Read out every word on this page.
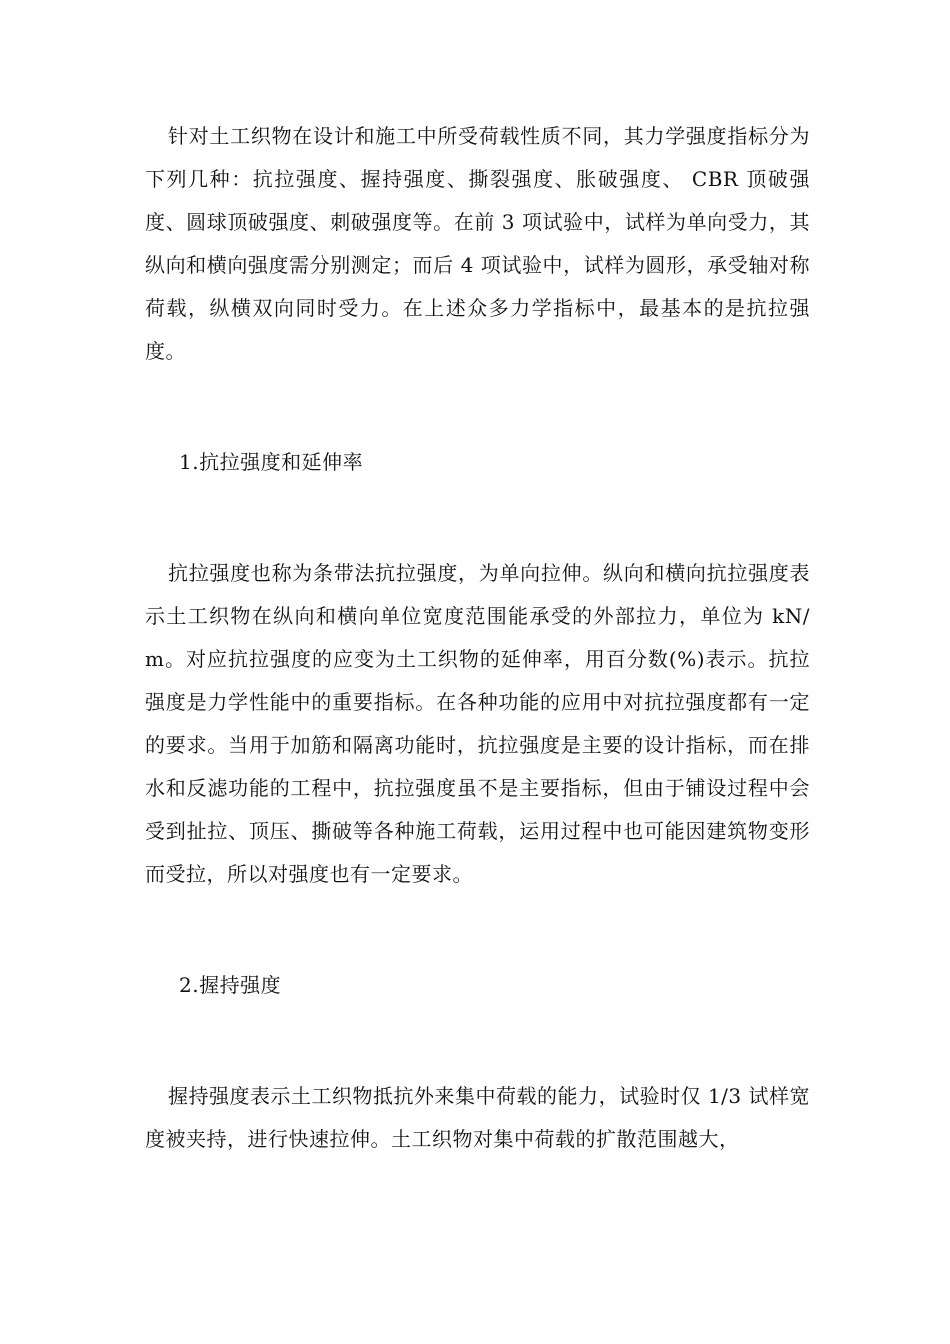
针对土工织物在设计和施工中所受荷载性质不同，其力学强度指标分为下列几种：抗拉强度、握持强度、撕裂强度、胀破强度、 CBR 顶破强度、圆球顶破强度、刺破强度等。在前 3 项试验中，试样为单向受力，其纵向和横向强度需分别测定；而后 4 项试验中，试样为圆形，承受轴对称荷载，纵横双向同时受力。在上述众多力学指标中，最基本的是抗拉强度。

1.抗拉强度和延伸率

抗拉强度也称为条带法抗拉强度，为单向拉伸。纵向和横向抗拉强度表示土工织物在纵向和横向单位宽度范围能承受的外部拉力，单位为 kN/m。对应抗拉强度的应变为土工织物的延伸率，用百分数(%)表示。抗拉强度是力学性能中的重要指标。在各种功能的应用中对抗拉强度都有一定的要求。当用于加筋和隔离功能时，抗拉强度是主要的设计指标，而在排水和反滤功能的工程中，抗拉强度虽不是主要指标，但由于铺设过程中会受到扯拉、顶压、撕破等各种施工荷载，运用过程中也可能因建筑物变形而受拉，所以对强度也有一定要求。

2.握持强度

握持强度表示土工织物抵抗外来集中荷载的能力，试验时仅 1/3 试样宽度被夹持，进行快速拉伸。土工织物对集中荷载的扩散范围越大，
